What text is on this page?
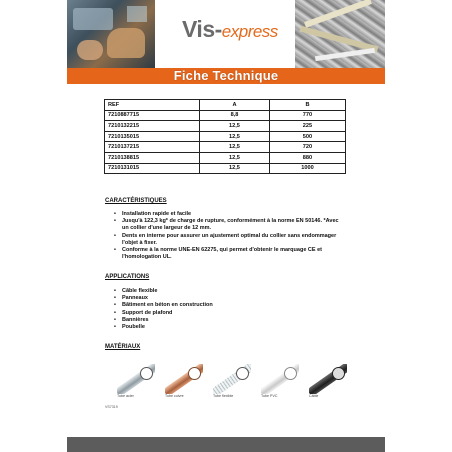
Vis-express
Fiche Technique
REF	A	B
7210887715	8,8	770
7210132215	12,5	225
7210135015	12,5	500
7210137215	12,5	720
7210138815	12,5	880
7210131015	12,5	1000
CARACTÉRISTIQUES
• Installation rapide et facile
• Jusqu'à 122,3 kg* de charge de rupture, conformément à la norme EN 50146. *Avec un collier d'une largeur de 12 mm.
• Dents en interne pour assurer un ajustement optimal du collier sans endommager l'objet à fixer.
• Conforme à la norme UNE-EN 62275, qui permet d'obtenir le marquage CE et l'homologation UL.
APPLICATIONS
• Câble flexible
• Panneaux
• Bâtiment en béton en construction
• Support de plafond
• Bannières
• Poubelle
MATÉRIAUX
Tube acier	Tube cuivre	Tube flexible	Tube PVC	Câble
VS7319
